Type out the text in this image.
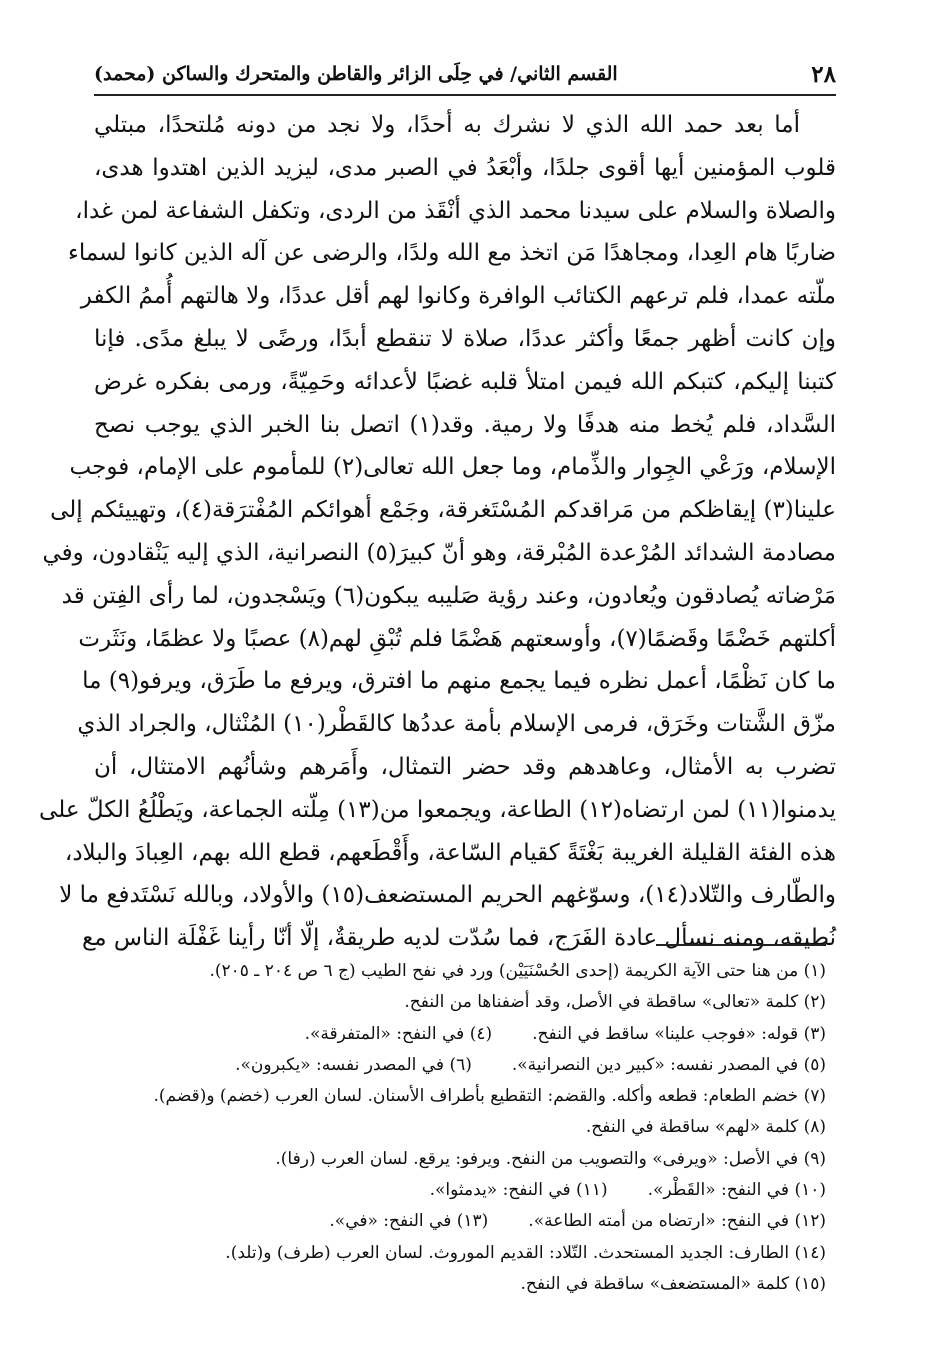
٢٨
القسم الثاني/ في حِلَى الزائر والقاطن والمتحرك والساكن (محمد)
أما بعد حمد الله الذي لا نشرك به أحدًا، ولا نجد من دونه مُلتحدًا، مبتلي
قلوب المؤمنين أيها أقوى جلدًا، وأبْعَدُ في الصبر مدى، ليزيد الذين اهتدوا هدى،
والصلاة والسلام على سيدنا محمد الذي أنْقَذ من الردى، وتكفل الشفاعة لمن غدا،
ضاربًا هام العِدا، ومجاهدًا مَن اتخذ مع الله ولدًا، والرضى عن آله الذين كانوا لسماء
ملّته عمدا، فلم ترعهم الكتائب الوافرة وكانوا لهم أقل عددًا، ولا هالتهم أُممُ الكفر
وإن كانت أظهر جمعًا وأكثر عددًا، صلاة لا تنقطع أبدًا، ورضًى لا يبلغ مدًى. فإنا
كتبنا إليكم، كتبكم الله فيمن امتلأ قلبه غضبًا لأعدائه وحَمِيّةً، ورمى بفكره غرض
السَّداد، فلم يُخط منه هدفًا ولا رمية. وقد(١) اتصل بنا الخبر الذي يوجب نصح
الإسلام، ورَعْي الجِوار والذِّمام، وما جعل الله تعالى(٢) للمأموم على الإمام، فوجب
علينا(٣) إيقاظكم من مَراقدكم المُسْتَغرقة، وجَمْع أهوائكم المُفْترَقة(٤)، وتهييئكم إلى
مصادمة الشدائد المُرْعدة المُبْرقة، وهو أنّ كبيرَ(٥) النصرانية، الذي إليه يَنْقادون، وفي
مَرْضاته يُصادقون ويُعادون، وعند رؤية صَليبه يبكون(٦) ويَسْجدون، لما رأى الفِتن قد
أكلتهم خَضْمًا وقَضمًا(٧)، وأوسعتهم هَضْمًا فلم تُبْقِ لهم(٨) عصبًا ولا عظمًا، ونَثَرت
ما كان نَظْمًا، أعمل نظره فيما يجمع منهم ما افترق، ويرفع ما طَرَق، ويرفو(٩) ما
مزّق الشَّتات وخَرَق، فرمى الإسلام بأمة عددُها كالقَطْر(١٠) المُنْثال، والجراد الذي
تضرب به الأمثال، وعاهدهم وقد حضر التمثال، وأَمَرهم وشأنُهم الامتثال، أن
يدمنوا(١١) لمن ارتضاه(١٢) الطاعة، ويجمعوا من(١٣) مِلّته الجماعة، ويَطْلُعُ الكلّ على
هذه الفئة القليلة الغريبة بَغْتَةً كقيام السّاعة، وأَقْطَعهم، قطع الله بهم، العِبادَ والبلاد،
والطّارف والتّلاد(١٤)، وسوّغهم الحريم المستضعف(١٥) والأولاد، وبالله نَسْتَدفع ما لا
نُطيقه، ومنه نسأل عادة الفَرَج، فما سُدّت لديه طريقةٌ، إلّا أنّا رأينا غَفْلَة الناس مع
(١) من هنا حتى الآية الكريمة (إحدى الحُسْنَيَيْن) ورد في نفح الطيب (ج ٦ ص ٢٠٤ ـ ٢٠٥).
(٢) كلمة «تعالى» ساقطة في الأصل، وقد أضفناها من النفح.
(٣) قوله: «فوجب علينا» ساقط في النفح.
(٤) في النفح: «المتفرقة».
(٥) في المصدر نفسه: «كبير دين النصرانية».
(٦) في المصدر نفسه: «يكبرون».
(٧) خضم الطعام: قطعه وأكله. والقضم: التقطيع بأطراف الأسنان. لسان العرب (خضم) و(قضم).
(٨) كلمة «لهم» ساقطة في النفح.
(٩) في الأصل: «ويرفى» والتصويب من النفح. ويرفو: يرقع. لسان العرب (رفا).
(١٠) في النفح: «القَطْر».
(١١) في النفح: «يدمثوا».
(١٢) في النفح: «ارتضاه من أمته الطاعة».
(١٣) في النفح: «في».
(١٤) الطارف: الجديد المستحدث. التّلاد: القديم الموروث. لسان العرب (طرف) و(تلد).
(١٥) كلمة «المستضعف» ساقطة في النفح.
